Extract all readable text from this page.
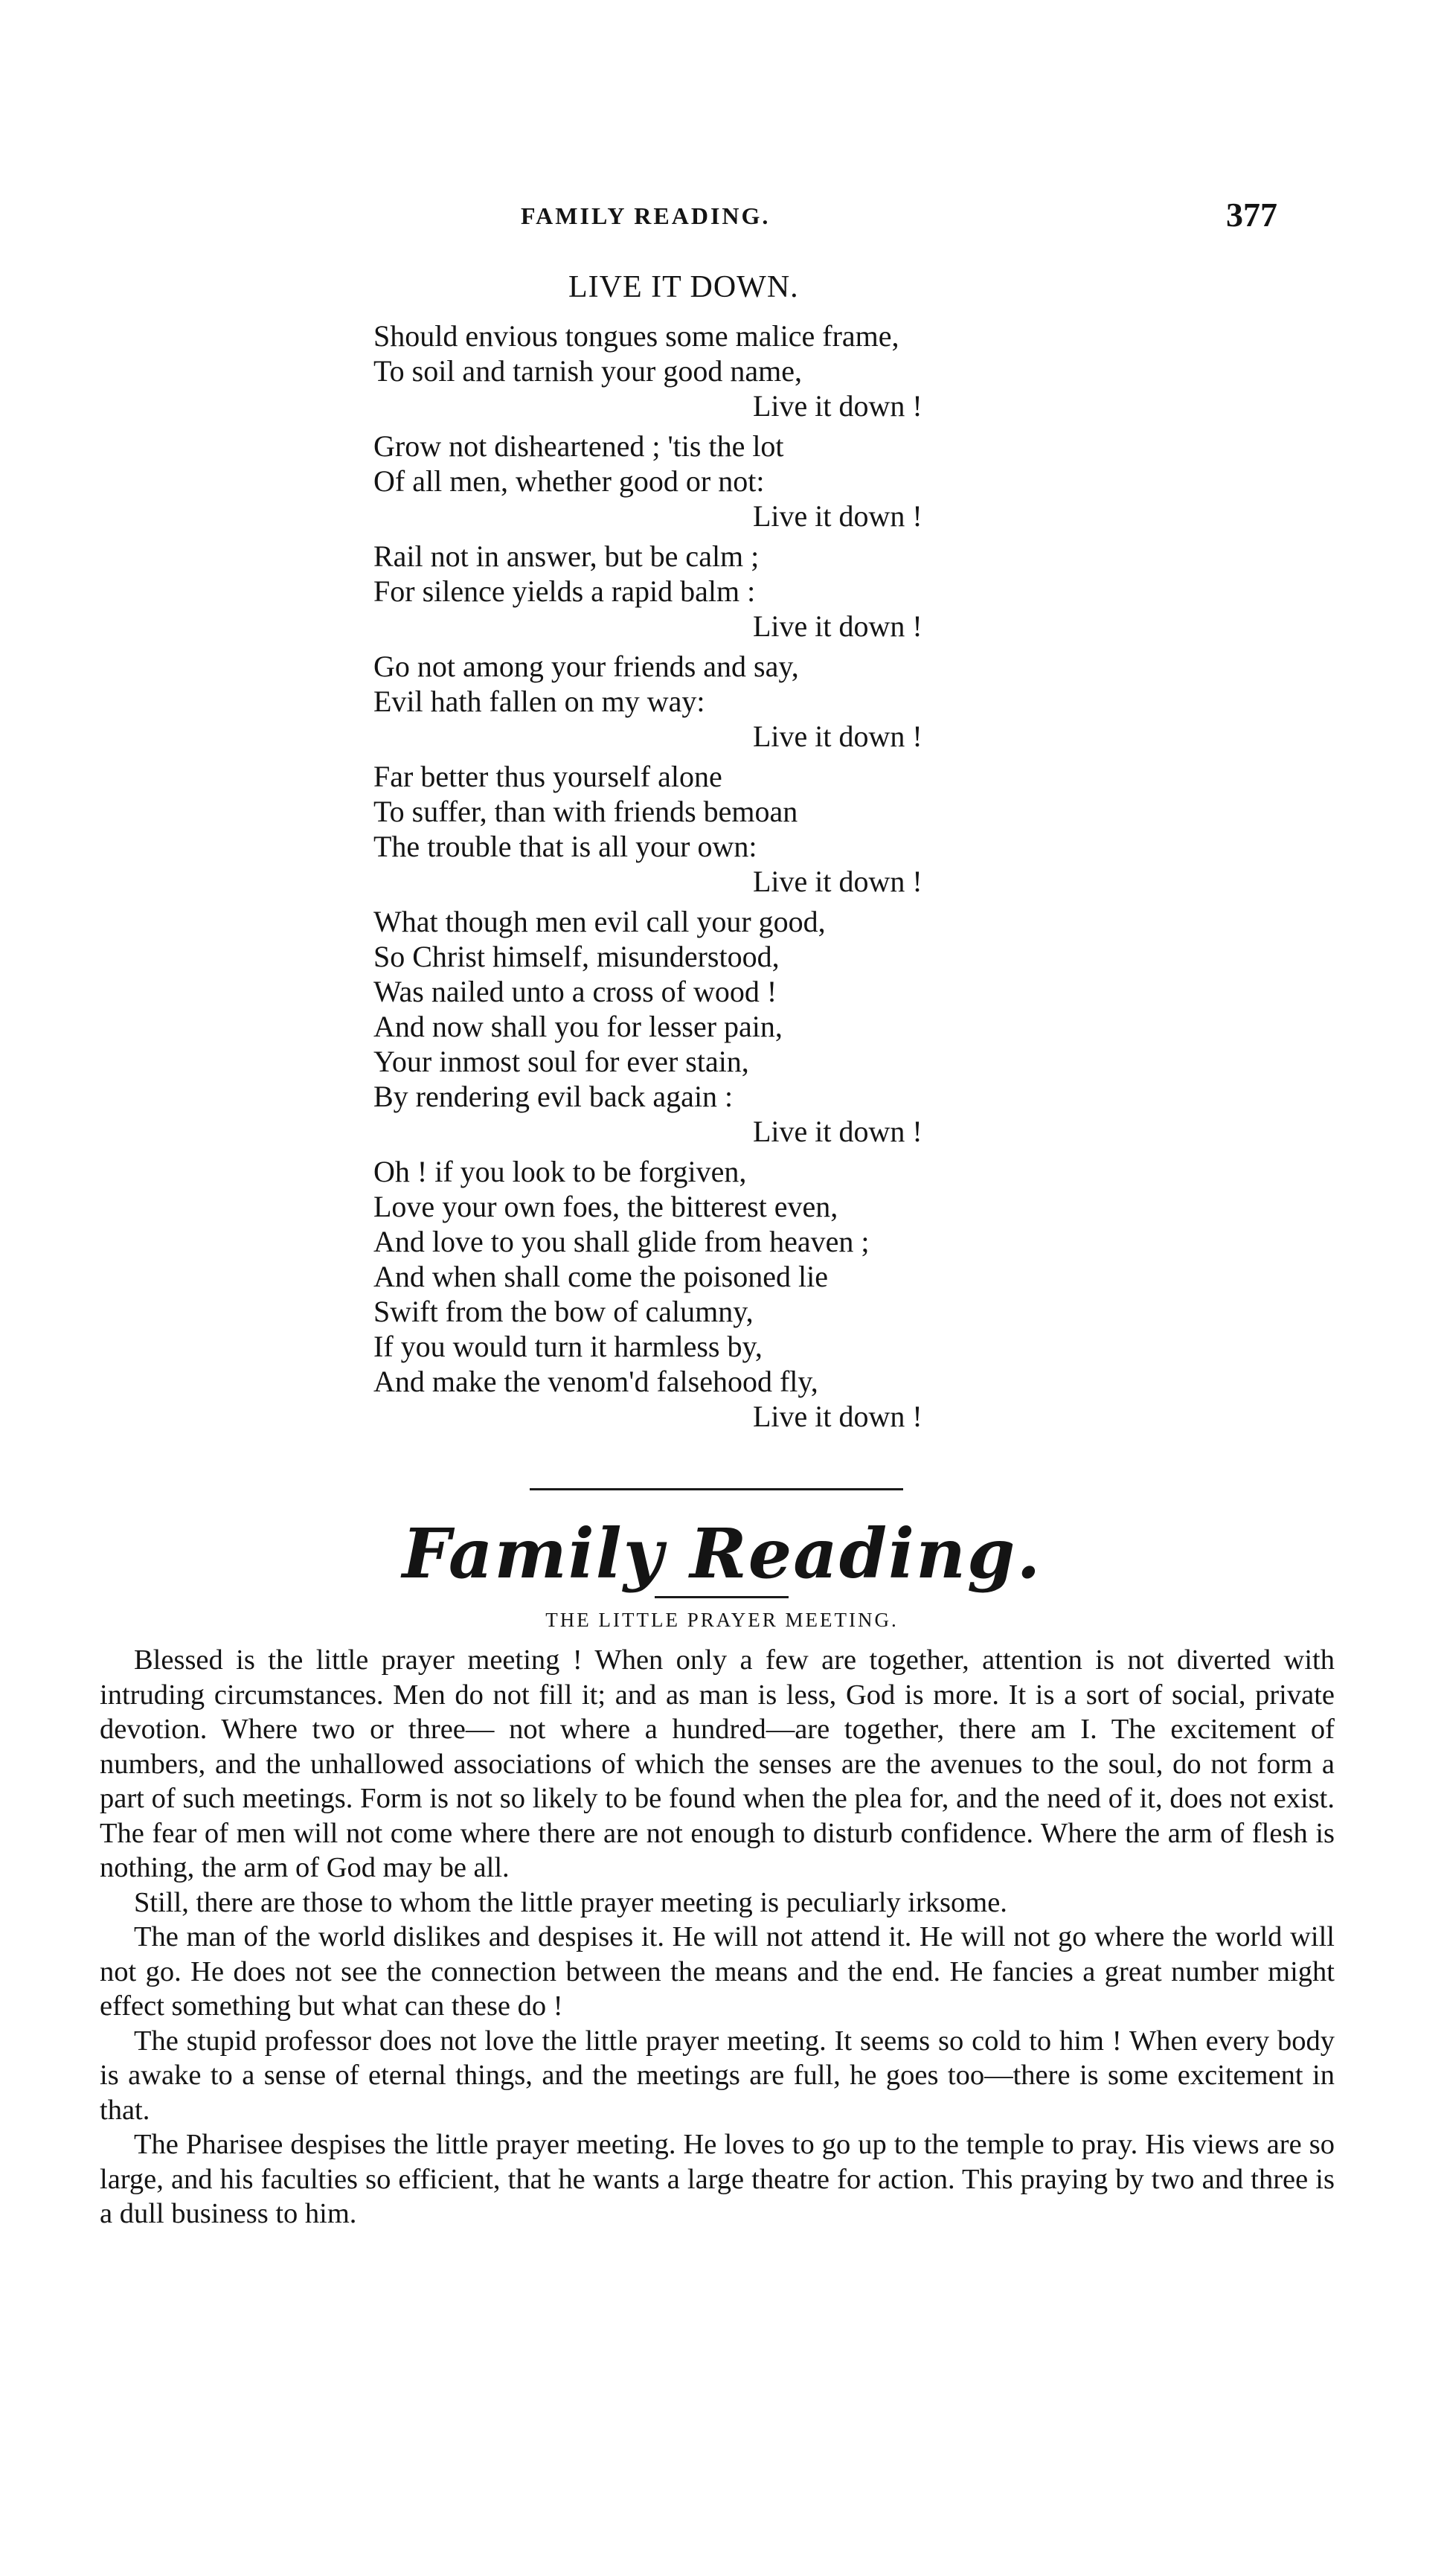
FAMILY READING.	377
LIVE IT DOWN.
Should envious tongues some malice frame,
To soil and tarnish your good name,
Live it down !
Grow not disheartened ; 'tis the lot
Of all men, whether good or not:
Live it down !
Rail not in answer, but be calm ;
For silence yields a rapid balm :
Live it down !
Go not among your friends and say,
Evil hath fallen on my way:
Live it down !
Far better thus yourself alone
To suffer, than with friends bemoan
The trouble that is all your own:
Live it down !
What though men evil call your good,
So Christ himself, misunderstood,
Was nailed unto a cross of wood !
And now shall you for lesser pain,
Your inmost soul for ever stain,
By rendering evil back again :
Live it down !
Oh ! if you look to be forgiven,
Love your own foes, the bitterest even,
And love to you shall glide from heaven ;
And when shall come the poisoned lie
Swift from the bow of calumny,
If you would turn it harmless by,
And make the venom'd falsehood fly,
Live it down !
Family Reading.
THE LITTLE PRAYER MEETING.

Blessed is the little prayer meeting ! When only a few are together, attention is not diverted with intruding circumstances. Men do not fill it; and as man is less, God is more. It is a sort of social, private devotion. Where two or three— not where a hundred—are together, there am I. The excitement of numbers, and the unhallowed associations of which the senses are the avenues to the soul, do not form a part of such meetings. Form is not so likely to be found when the plea for, and the need of it, does not exist. The fear of men will not come where there are not enough to disturb confidence. Where the arm of flesh is nothing, the arm of God may be all.

Still, there are those to whom the little prayer meeting is peculiarly irksome.

The man of the world dislikes and despises it. He will not attend it. He will not go where the world will not go. He does not see the connection between the means and the end. He fancies a great number might effect something but what can these do !

The stupid professor does not love the little prayer meeting. It seems so cold to him ! When every body is awake to a sense of eternal things, and the meetings are full, he goes too—there is some excitement in that.

The Pharisee despises the little prayer meeting. He loves to go up to the temple to pray. His views are so large, and his faculties so efficient, that he wants a large theatre for action. This praying by two and three is a dull business to him.
